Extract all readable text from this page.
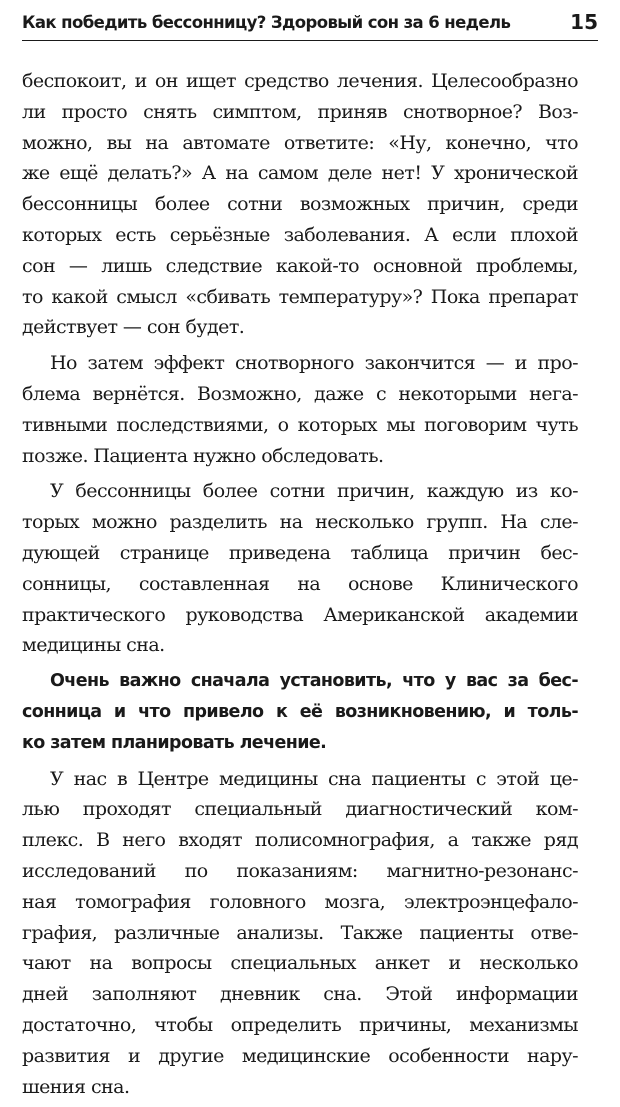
Как победить бессонницу? Здоровый сон за 6 недель	15
беспокоит, и он ищет средство лечения. Целесообразно
ли просто снять симптом, приняв снотворное? Воз-
можно, вы на автомате ответите: «Ну, конечно, что
же ещё делать?» А на самом деле нет! У хронической
бессонницы более сотни возможных причин, среди
которых есть серьёзные заболевания. А если плохой
сон — лишь следствие какой-то основной проблемы,
то какой смысл «сбивать температуру»? Пока препарат
действует — сон будет.
Но затем эффект снотворного закончится — и про-
блема вернётся. Возможно, даже с некоторыми нега-
тивными последствиями, о которых мы поговорим чуть
позже. Пациента нужно обследовать.
У бессонницы более сотни причин, каждую из ко-
торых можно разделить на несколько групп. На сле-
дующей странице приведена таблица причин бес-
сонницы, составленная на основе Клинического
практического руководства Американской академии
медицины сна.
Очень важно сначала установить, что у вас за бес-
сонница и что привело к её возникновению, и толь-
ко затем планировать лечение.
У нас в Центре медицины сна пациенты с этой це-
лью проходят специальный диагностический ком-
плекс. В него входят полисомнография, а также ряд
исследований по показаниям: магнитно-резонанс-
ная томография головного мозга, электроэнцефало-
графия, различные анализы. Также пациенты отве-
чают на вопросы специальных анкет и несколько
дней заполняют дневник сна. Этой информации
достаточно, чтобы определить причины, механизмы
развития и другие медицинские особенности нару-
шения сна.
